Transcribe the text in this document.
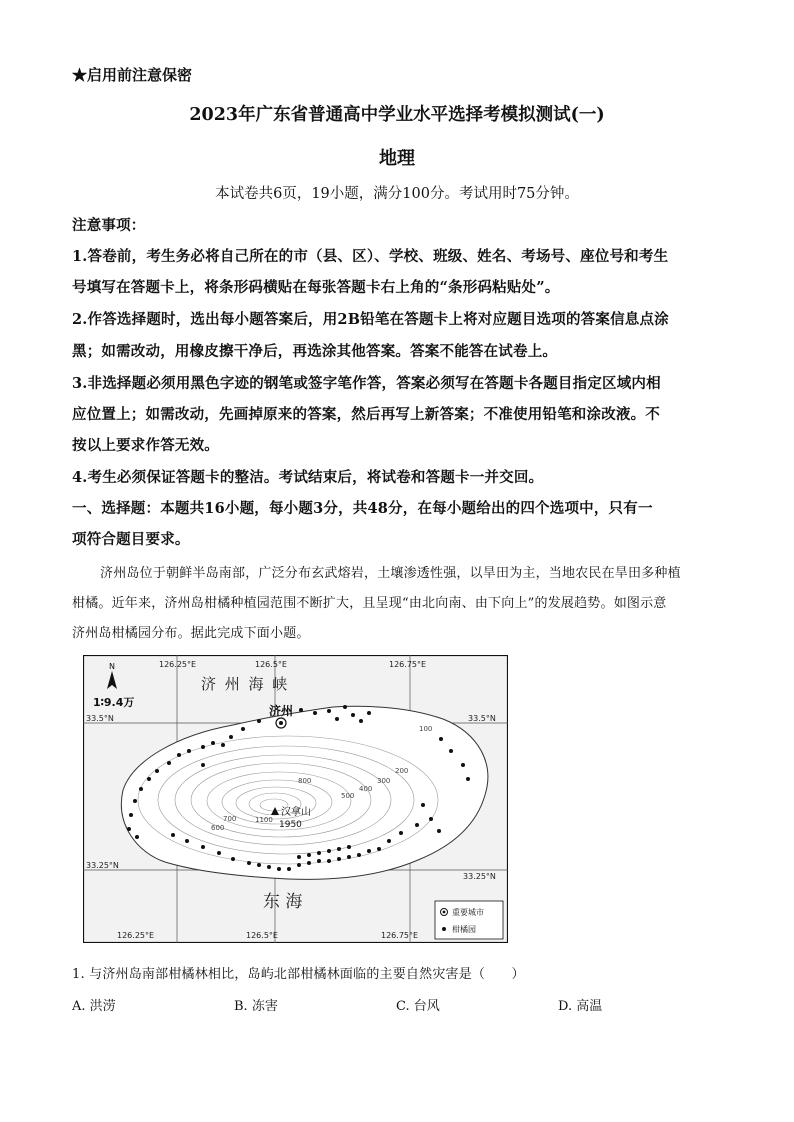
★启用前注意保密
2023年广东省普通高中学业水平选择考模拟测试(一)
地理
本试卷共6页，19小题，满分100分。考试用时75分钟。
注意事项：
1.答卷前，考生务必将自己所在的市（县、区）、学校、班级、姓名、考场号、座位号和考生
号填写在答题卡上，将条形码横贴在每张答题卡右上角的“条形码粘贴处”。
2.作答选择题时，选出每小题答案后，用2B铅笔在答题卡上将对应题目选项的答案信息点涂
黑；如需改动，用橡皮擦干净后，再选涂其他答案。答案不能答在试卷上。
3.非选择题必须用黑色字迹的钢笔或签字笔作答，答案必须写在答题卡各题目指定区域内相
应位置上；如需改动，先画掉原来的答案，然后再写上新答案；不准使用铅笔和涂改液。不
按以上要求作答无效。
4.考生必须保证答题卡的整洁。考试结束后，将试卷和答题卡一并交回。
一、选择题：本题共16小题，每小题3分，共48分，在每小题给出的四个选项中，只有一
项符合题目要求。
济州岛位于朝鲜半岛南部，广泛分布玄武熔岩，土壤渗透性强，以旱田为主，当地农民在旱田多种植
柑橘。近年来，济州岛柑橘种植园范围不断扩大，且呈现“由北向南、由下向上”的发展趋势。如图示意
济州岛柑橘园分布。据此完成下面小题。
100
200
300
400
500
600
700
800
1100
126.25°E	126.5°E	126.75°E
126.25°E	126.5°E	126.75°E
33.5°N	33.5°N
33.25°N
33.25°N
N
1∶9.4万
济 州 海 峡
东 海
济州
汉拿山
1950
重要城市
柑橘园
1. 与济州岛南部柑橘林相比，岛屿北部柑橘林面临的主要自然灾害是（　　）
A. 洪涝	B. 冻害	C. 台风	D. 高温
